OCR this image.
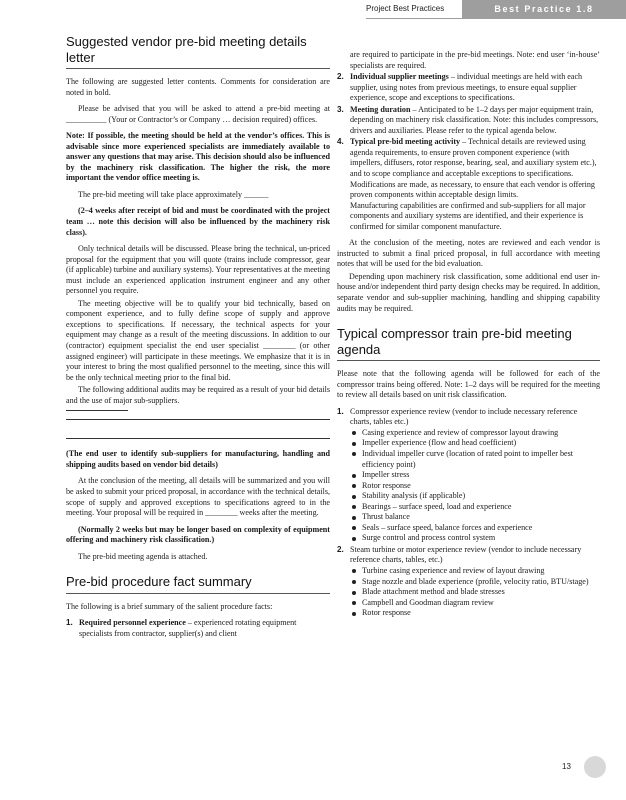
Project Best Practices	Best Practice 1.8
Suggested vendor pre-bid meeting details letter

The following are suggested letter contents. Comments for consideration are noted in bold.

Please be advised that you will be asked to attend a pre-bid meeting at __________ (Your or Contractor’s or Company … decision required) offices.

Note: If possible, the meeting should be held at the vendor’s offices. This is advisable since more experienced specialists are immediately available to answer any questions that may arise. This decision should also be influenced by the machinery risk classification. The higher the risk, the more important the vendor office meeting is.

The pre-bid meeting will take place approximately ______

(2–4 weeks after receipt of bid and must be coordinated with the project team … note this decision will also be influenced by the machinery risk class).

Only technical details will be discussed. Please bring the technical, un-priced proposal for the equipment that you will quote (trains include compressor, gear (if applicable) turbine and auxiliary systems). Your representatives at the meeting must include an experienced application instrument engineer and any other personnel you require.

The meeting objective will be to qualify your bid technically, based on component experience, and to fully define scope of supply and approve exceptions to specifications. If necessary, the technical aspects for your equipment may change as a result of the meeting discussions. In addition to our (contractor) equipment specialist the end user specialist ________ (or other assigned engineer) will participate in these meetings. We emphasize that it is in your interest to bring the most qualified personnel to the meeting, since this will be the only technical meeting prior to the final bid.

The following additional audits may be required as a result of your bid details and the use of major sub-suppliers.

(The end user to identify sub-suppliers for manufacturing, handling and shipping audits based on vendor bid details)

At the conclusion of the meeting, all details will be summarized and you will be asked to submit your priced proposal, in accordance with the technical details, scope of supply and approved exceptions to specifications agreed to in the meeting. Your proposal will be required in ________ weeks after the meeting.

(Normally 2 weeks but may be longer based on complexity of equipment offering and machinery risk classification.)

The pre-bid meeting agenda is attached.

Pre-bid procedure fact summary

The following is a brief summary of the salient procedure facts:

1. Required personnel experience – experienced rotating equipment specialists from contractor, supplier(s) and client

are required to participate in the pre-bid meetings. Note: end user ‘in-house’ specialists are required.

2. Individual supplier meetings – individual meetings are held with each supplier, using notes from previous meetings, to ensure equal supplier experience, scope and exceptions to specifications.
3. Meeting duration – Anticipated to be 1–2 days per major equipment train, depending on machinery risk classification. Note: this includes compressors, drivers and auxiliaries. Please refer to the typical agenda below.
4. Typical pre-bid meeting activity – Technical details are reviewed using agenda requirements, to ensure proven component experience (with impellers, diffusers, rotor response, bearing, seal, and auxiliary system etc.), and to scope compliance and acceptable exceptions to specifications. Modifications are made, as necessary, to ensure that each vendor is offering proven components within acceptable design limits.
Manufacturing capabilities are confirmed and sub-suppliers for all major components and auxiliary systems are identified, and their experience is confirmed for similar component manufacture.

At the conclusion of the meeting, notes are reviewed and each vendor is instructed to submit a final priced proposal, in full accordance with meeting notes that will be used for the bid evaluation.

Depending upon machinery risk classification, some additional end user in-house and/or independent third party design checks may be required. In addition, separate vendor and sub-supplier machining, handling and shipping capability audits may be required.

Typical compressor train pre-bid meeting agenda

Please note that the following agenda will be followed for each of the compressor trains being offered. Note: 1–2 days will be required for the meeting to review all details based on unit risk classification.

1. Compressor experience review (vendor to include necessary reference charts, tables etc.)
Casing experience and review of compressor layout drawing
Impeller experience (flow and head coefficient)
Individual impeller curve (location of rated point to impeller best efficiency point)
Impeller stress
Rotor response
Stability analysis (if applicable)
Bearings – surface speed, load and experience
Thrust balance
Seals – surface speed, balance forces and experience
Surge control and process control system
2. Steam turbine or motor experience review (vendor to include necessary reference charts, tables, etc.)
Turbine casing experience and review of layout drawing
Stage nozzle and blade experience (profile, velocity ratio, BTU/stage)
Blade attachment method and blade stresses
Campbell and Goodman diagram review
Rotor response
13
